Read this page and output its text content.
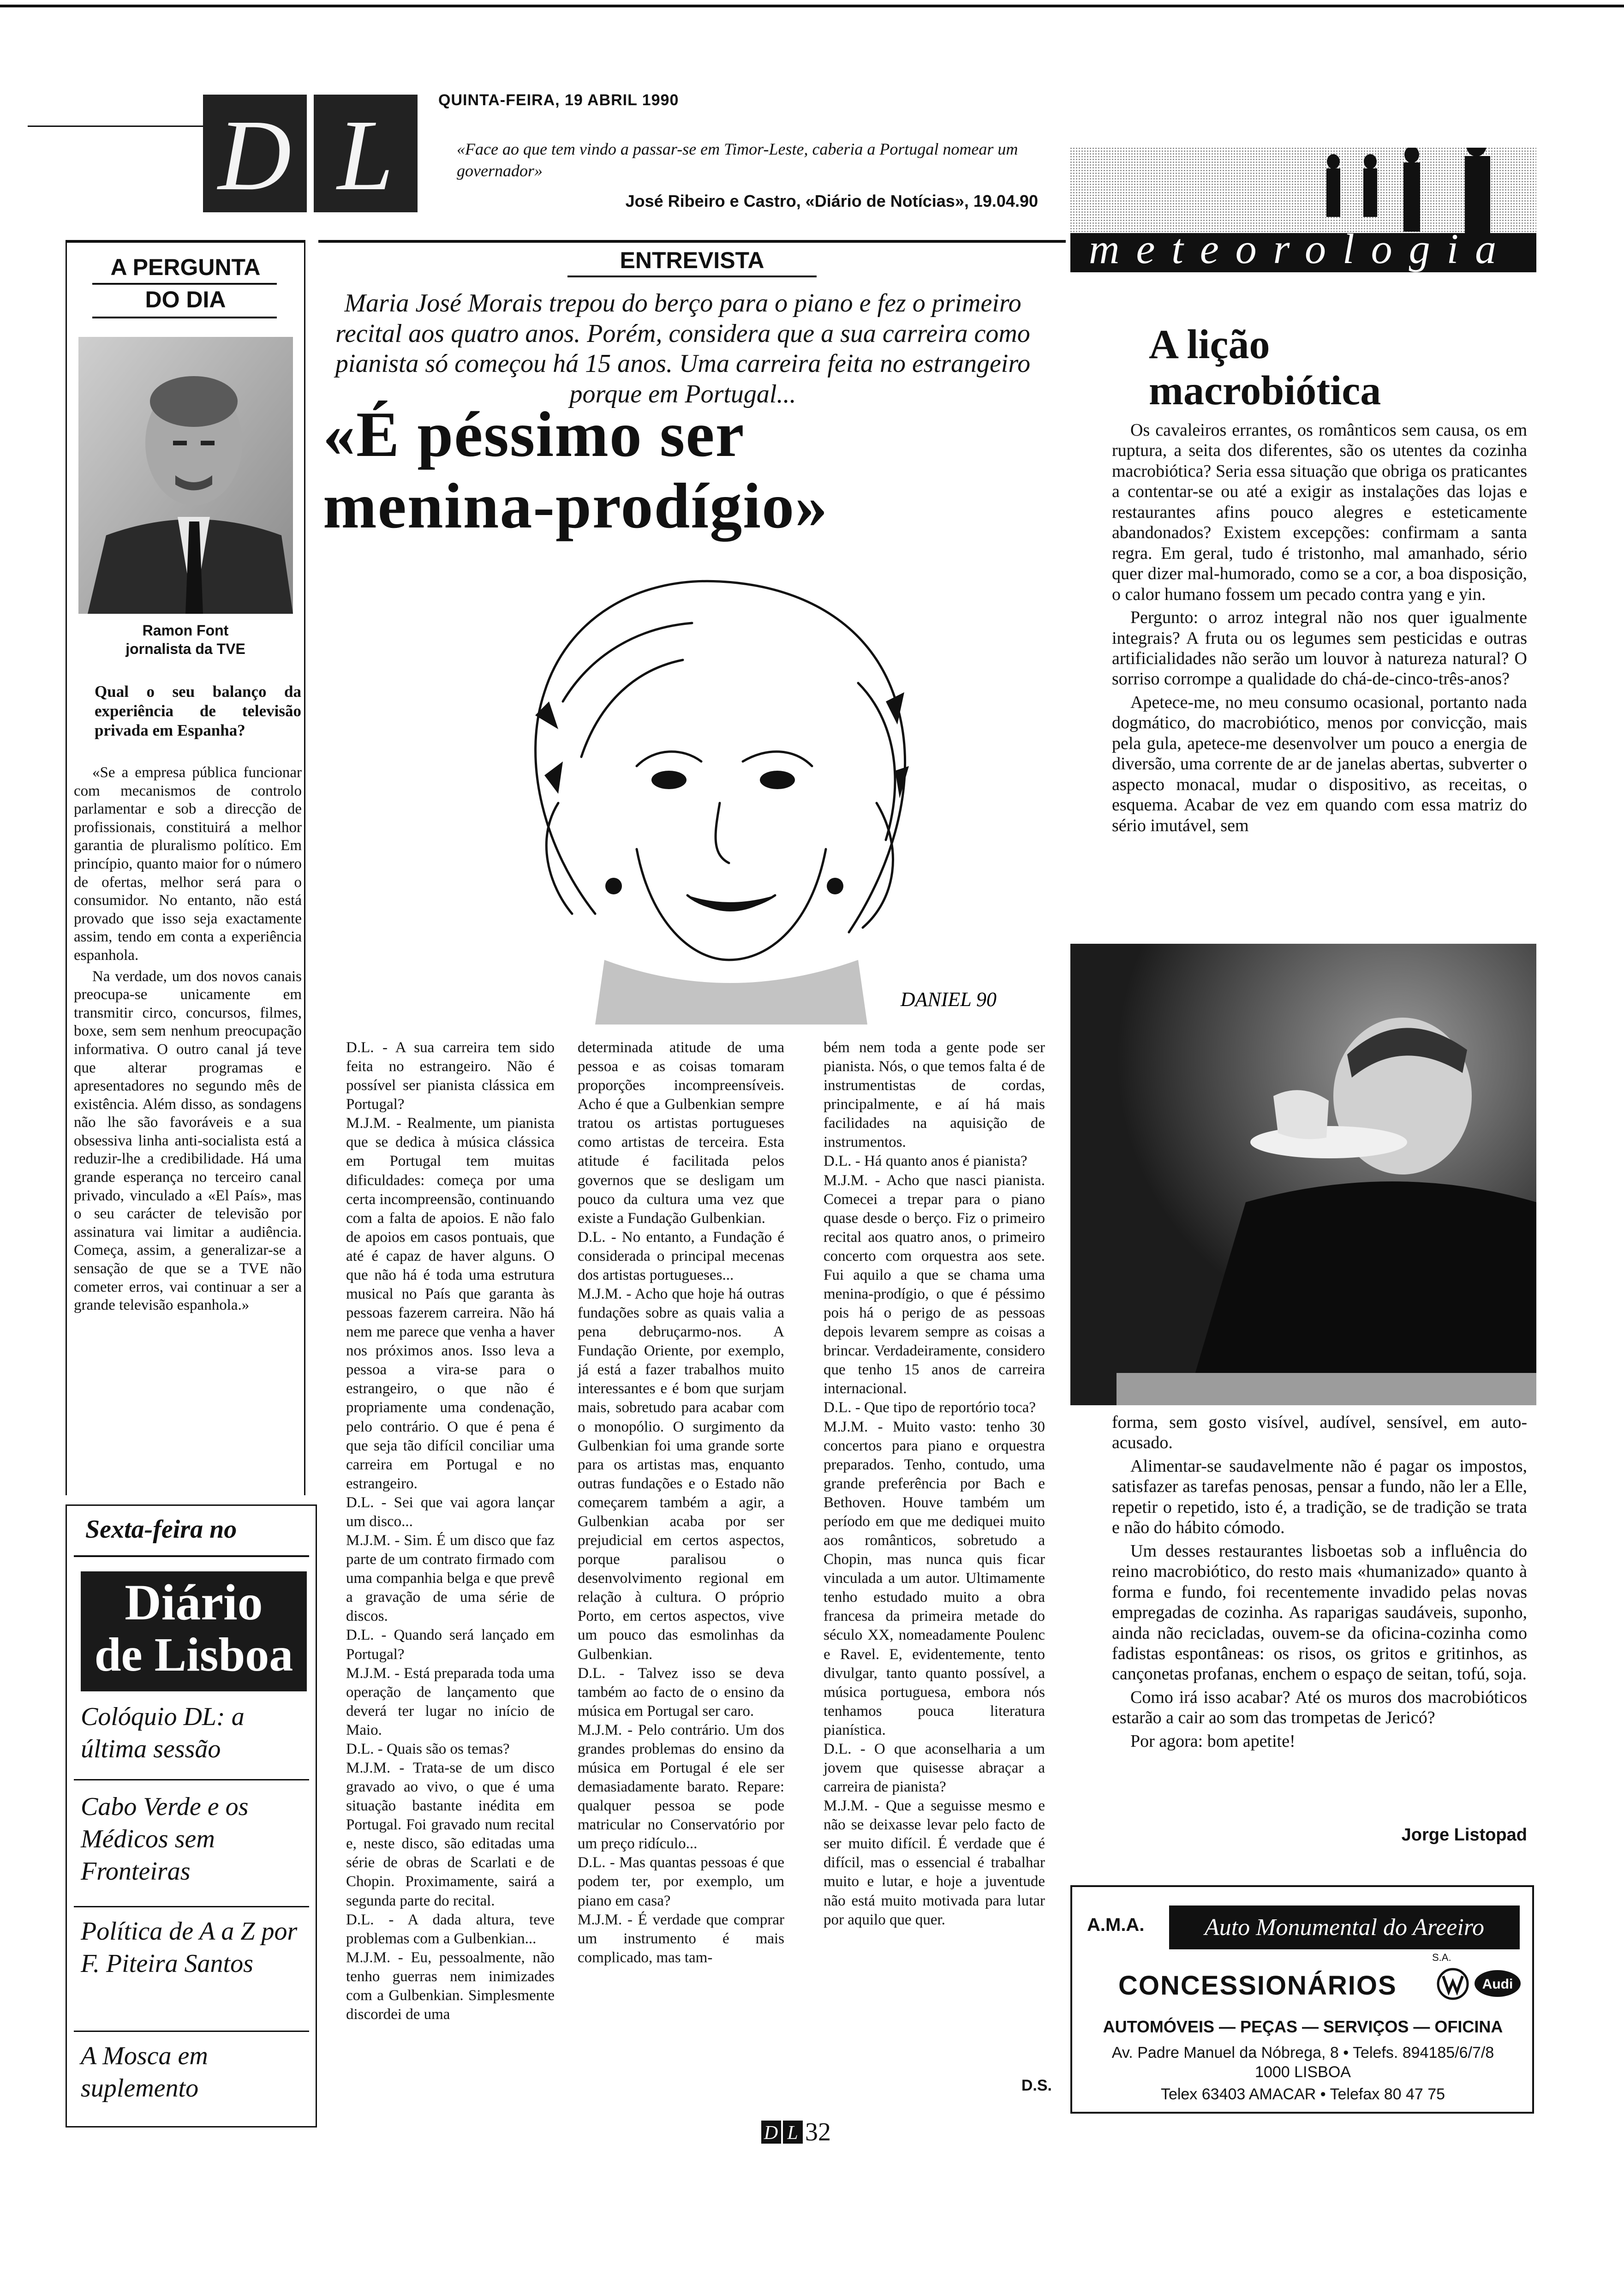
D L	QUINTA-FEIRA, 19 ABRIL 1990
«Face ao que tem vindo a passar-se em Timor-Leste, caberia a Portugal nomear um governador»
José Ribeiro e Castro, «Diário de Notícias», 19.04.90
meteorologia
A PERGUNTA
DO DIA
Ramon Font
jornalista da TVE
Qual o seu balanço da experiência de televisão privada em Espanha?

«Se a empresa pública funcionar com mecanismos de controlo parlamentar e sob a direcção de profissionais, constituirá a melhor garantia de pluralismo político. Em princípio, quanto maior for o número de ofertas, melhor será para o consumidor. No entanto, não está provado que isso seja exactamente assim, tendo em conta a experiência espanhola.

Na verdade, um dos novos canais preocupa-se unicamente em transmitir circo, concursos, filmes, boxe, sem sem nenhum preocupação informativa. O outro canal já teve que alterar programas e apresentadores no segundo mês de existência. Além disso, as sondagens não lhe são favoráveis e a sua obsessiva linha anti-socialista está a reduzir-lhe a credibilidade. Há uma grande esperança no terceiro canal privado, vinculado a «El País», mas o seu carácter de televisão por assinatura vai limitar a audiência. Começa, assim, a generalizar-se a sensação de que se a TVE não cometer erros, vai continuar a ser a grande televisão espanhola.»

Sexta-feira no
Diário
de Lisboa
Colóquio DL: a última sessão
Cabo Verde e os Médicos sem Fronteiras
Política de A a Z por F. Piteira Santos
A Mosca em suplemento
ENTREVISTA
Maria José Morais trepou do berço para o piano e fez o primeiro recital aos quatro anos. Porém, considera que a sua carreira como pianista só começou há 15 anos. Uma carreira feita no estrangeiro porque em Portugal...
«É péssimo ser
menina-prodígio»
DANIEL 90
D.L. - A sua carreira tem sido feita no estrangeiro. Não é possível ser pianista clássica em Portugal?
M.J.M. - Realmente, um pianista que se dedica à música clássica em Portugal tem muitas dificuldades: começa por uma certa incompreensão, continuando com a falta de apoios. E não falo de apoios em casos pontuais, que até é capaz de haver alguns. O que não há é toda uma estrutura musical no País que garanta às pessoas fazerem carreira. Não há nem me parece que venha a haver nos próximos anos. Isso leva a pessoa a vira-se para o estrangeiro, o que não é propriamente uma condenação, pelo contrário. O que é pena é que seja tão difícil conciliar uma carreira em Portugal e no estrangeiro.
D.L. - Sei que vai agora lançar um disco...
M.J.M. - Sim. É um disco que faz parte de um contrato firmado com uma companhia belga e que prevê a gravação de uma série de discos.
D.L. - Quando será lançado em Portugal?
M.J.M. - Está preparada toda uma operação de lançamento que deverá ter lugar no início de Maio.
D.L. - Quais são os temas?
M.J.M. - Trata-se de um disco gravado ao vivo, o que é uma situação bastante inédita em Portugal. Foi gravado num recital e, neste disco, são editadas uma série de obras de Scarlati e de Chopin. Proximamente, sairá a segunda parte do recital.
D.L. - A dada altura, teve problemas com a Gulbenkian...
M.J.M. - Eu, pessoalmente, não tenho guerras nem inimizades com a Gulbenkian. Simplesmente discordei de uma
determinada atitude de uma pessoa e as coisas tomaram proporções incompreensíveis. Acho é que a Gulbenkian sempre tratou os artistas portugueses como artistas de terceira. Esta atitude é facilitada pelos governos que se desligam um pouco da cultura uma vez que existe a Fundação Gulbenkian.
D.L. - No entanto, a Fundação é considerada o principal mecenas dos artistas portugueses...
M.J.M. - Acho que hoje há outras fundações sobre as quais valia a pena debruçarmo-nos. A Fundação Oriente, por exemplo, já está a fazer trabalhos muito interessantes e é bom que surjam mais, sobretudo para acabar com o monopólio. O surgimento da Gulbenkian foi uma grande sorte para os artistas mas, enquanto outras fundações e o Estado não começarem também a agir, a Gulbenkian acaba por ser prejudicial em certos aspectos, porque paralisou o desenvolvimento regional em relação à cultura. O próprio Porto, em certos aspectos, vive um pouco das esmolinhas da Gulbenkian.
D.L. - Talvez isso se deva também ao facto de o ensino da música em Portugal ser caro.
M.J.M. - Pelo contrário. Um dos grandes problemas do ensino da música em Portugal é ele ser demasiadamente barato. Repare: qualquer pessoa se pode matricular no Conservatório por um preço ridículo...
D.L. - Mas quantas pessoas é que podem ter, por exemplo, um piano em casa?
M.J.M. - É verdade que comprar um instrumento é mais complicado, mas tam-
bém nem toda a gente pode ser pianista. Nós, o que temos falta é de instrumentistas de cordas, principalmente, e aí há mais facilidades na aquisição de instrumentos.
D.L. - Há quanto anos é pianista?
M.J.M. - Acho que nasci pianista. Comecei a trepar para o piano quase desde o berço. Fiz o primeiro recital aos quatro anos, o primeiro concerto com orquestra aos sete. Fui aquilo a que se chama uma menina-prodígio, o que é péssimo pois há o perigo de as pessoas depois levarem sempre as coisas a brincar. Verdadeiramente, considero que tenho 15 anos de carreira internacional.
D.L. - Que tipo de reportório toca?
M.J.M. - Muito vasto: tenho 30 concertos para piano e orquestra preparados. Tenho, contudo, uma grande preferência por Bach e Bethoven. Houve também um período em que me dediquei muito aos românticos, sobretudo a Chopin, mas nunca quis ficar vinculada a um autor. Ultimamente tenho estudado muito a obra francesa da primeira metade do século XX, nomeadamente Poulenc e Ravel. E, evidentemente, tento divulgar, tanto quanto possível, a música portuguesa, embora nós tenhamos pouca literatura pianística.
D.L. - O que aconselharia a um jovem que quisesse abraçar a carreira de pianista?
M.J.M. - Que a seguisse mesmo e não se deixasse levar pelo facto de ser muito difícil. É verdade que é difícil, mas o essencial é trabalhar muito e lutar, e hoje a juventude não está muito motivada para lutar por aquilo que quer.
D.S.
A lição
macrobiótica

Os cavaleiros errantes, os românticos sem causa, os em ruptura, a seita dos diferentes, são os utentes da cozinha macrobiótica? Seria essa situação que obriga os praticantes a contentar-se ou até a exigir as instalações das lojas e restaurantes afins pouco alegres e esteticamente abandonados? Existem excepções: confirmam a santa regra. Em geral, tudo é tristonho, mal amanhado, sério quer dizer mal-humorado, como se a cor, a boa disposição, o calor humano fossem um pecado contra yang e yin.

Pergunto: o arroz integral não nos quer igualmente integrais? A fruta ou os legumes sem pesticidas e outras artificialidades não serão um louvor à natureza natural? O sorriso corrompe a qualidade do chá-de-cinco-três-anos?

Apetece-me, no meu consumo ocasional, portanto nada dogmático, do macrobiótico, menos por convicção, mais pela gula, apetece-me desenvolver um pouco a energia de diversão, uma corrente de ar de janelas abertas, subverter o aspecto monacal, mudar o dispositivo, as receitas, o esquema. Acabar de vez em quando com essa matriz do sério imutável, sem

forma, sem gosto visível, audível, sensível, em auto-acusado.

Alimentar-se saudavelmente não é pagar os impostos, satisfazer as tarefas penosas, pensar a fundo, não ler a Elle, repetir o repetido, isto é, a tradição, se de tradição se trata e não do hábito cómodo.

Um desses restaurantes lisboetas sob a influência do reino macrobiótico, do resto mais «humanizado» quanto à forma e fundo, foi recentemente invadido pelas novas empregadas de cozinha. As raparigas saudáveis, suponho, ainda não recicladas, ouvem-se da oficina-cozinha como fadistas espontâneas: os risos, os gritos e gritinhos, as cançonetas profanas, enchem o espaço de seitan, tofú, soja.

Como irá isso acabar? Até os muros dos macrobióticos estarão a cair ao som das trompetas de Jericó?

Por agora: bom apetite!

Jorge Listopad
A.M.A.	Auto Monumental do Areeiro
S.A.
CONCESSIONÁRIOS	Audi
AUTOMÓVEIS — PEÇAS — SERVIÇOS — OFICINA
Av. Padre Manuel da Nóbrega, 8 • Telefs. 894185/6/7/8
1000 LISBOA
Telex 63403 AMACAR • Telefax 80 47 75
D L 32
